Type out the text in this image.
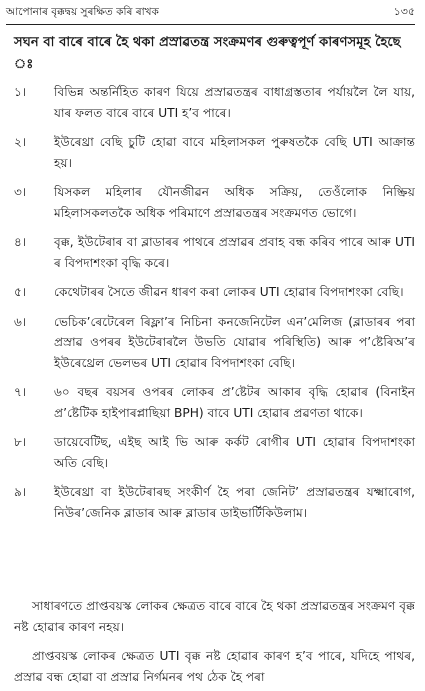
আপোনাৰ বৃক্কদ্বয় সুৰক্ষিত কৰি ৰাখক	১৩৫
সঘন বা বাৰে বাৰে হৈ থকা প্ৰস্ৰাৱতন্ত্ৰ সংক্ৰমণৰ গুৰুত্বপূৰ্ণ কাৰণসমূহ হৈছে ঃ
১।	বিভিন্ন অন্তৰ্নিহিত কাৰণ যিয়ে প্ৰস্ৰাৱতন্ত্ৰৰ বাধাগ্ৰস্ততাৰ পৰ্যায়লৈ লৈ যায়, যাৰ ফলত বাৰে বাৰে UTI হ’ব পাৰে।
২।	ইউৰেথ্ৰা বেছি চুটি হোৱা বাবে মহিলাসকল পুৰুষতকৈ বেছি UTI আক্ৰান্ত হয়।
৩।	যিসকল মহিলাৰ যৌনজীৱন অধিক সক্ৰিয়, তেওঁলোক নিষ্ক্ৰিয় মহিলাসকলতকৈ অধিক পৰিমাণে প্ৰস্ৰাৱতন্ত্ৰৰ সংক্ৰমণত ভোগে।
৪।	বৃক্ক, ইউটেৰাৰ বা ব্লাডাৰৰ পাথৰে প্ৰস্ৰাৱৰ প্ৰবাহ বন্ধ কৰিব পাৰে আৰু UTI ৰ বিপদাশংকা বৃদ্ধি কৰে।
৫।	কেথেটাৰৰ সৈতে জীৱন ধাৰণ কৰা লোকৰ UTI হোৱাৰ বিপদাশংকা বেছি।
৬।	ভেচিক’ৰেটেৰেল ৰিফ্লা’ৰ নিচিনা কনজেনিটেল এন’মেলিজ (ব্লাডাৰৰ পৰা প্ৰস্ৰাৱ ওপৰৰ ইউটেৰাৰলৈ উভতি যোৱাৰ পৰিস্থিতি) আৰু প’ষ্টেৰিঅ’ৰ ইউৰেথ্ৰেল ভেলভৰ UTI হোৱাৰ বিপদাশংকা বেছি।
৭।	৬০ বছৰ বয়সৰ ওপৰৰ লোকৰ প্ৰ’ষ্টেটৰ আকাৰ বৃদ্ধি হোৱাৰ (বিনাইন প্ৰ’ষ্টেটিক হাইপাৰপ্লাছিয়া BPH) বাবে UTI হোৱাৰ প্ৰৱণতা থাকে।
৮।	ডায়েবেটিছ, এইছ আই ভি আৰু কৰ্কট ৰোগীৰ UTI হোৱাৰ বিপদাশংকা অতি বেছি।
৯।	ইউৰেথ্ৰা বা ইউটেৰাৰছ সংকীৰ্ণ হৈ পৰা জেনিট’ প্ৰস্ৰাৱতন্ত্ৰৰ যক্ষ্মাৰোগ, নিউৰ’জেনিক ব্লাডাৰ আৰু ব্লাডাৰ ডাইভাৰ্টিকিউলাম।

সাধাৰণতে প্ৰাপ্তবয়স্ক লোকৰ ক্ষেত্ৰত বাৰে বাৰে হৈ থকা প্ৰস্ৰাৱতন্ত্ৰৰ সংক্ৰমণ বৃক্ক নষ্ট হোৱাৰ কাৰণ নহয়।

প্ৰাপ্তবয়স্ক লোকৰ ক্ষেত্ৰত UTI বৃক্ক নষ্ট হোৱাৰ কাৰণ হ’ব পাৰে, যদিহে পাথৰ, প্ৰস্ৰাৱ বন্ধ হোৱা বা প্ৰস্ৰাৱ নিৰ্গমনৰ পথ ঠেক হৈ পৰা
